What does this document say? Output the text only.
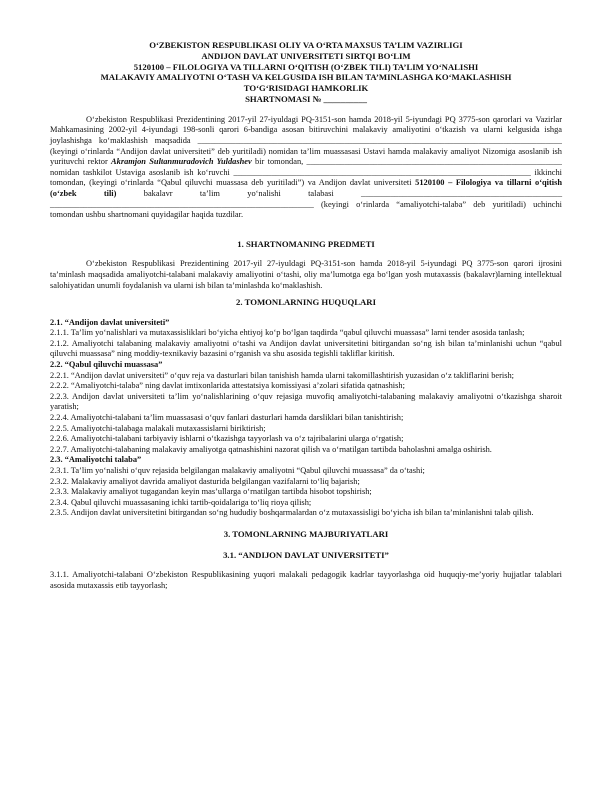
O‘ZBEKISTON RESPUBLIKASI OLIY VA O‘RTA MAXSUS TA’LIM VAZIRLIGI
ANDIJON DAVLAT UNIVERSITETI SIRTQI BO‘LIM
5120100 – FILOLOGIYA VA TILLARNI O‘QITISH (O‘ZBEK TILI) TA’LIM YO‘NALISHI
MALAKAVIY AMALIYOTNI O‘TASH VA KELGUSIDA ISH BILAN TA’MINLASHGA KO‘MAKLASHISH
TO‘G‘RISIDAGI HAMKORLIK
SHARTNOMASI № __________

O‘zbekiston Respublikasi Prezidentining 2017-yil 27-iyuldagi PQ-3151-son hamda 2018-yil 5-iyundagi PQ 3775-son qarorlari va Vazirlar Mahkamasining 2002-yil 4-iyundagi 198-sonli qarori 6-bandiga asosan bitiruvchini malakaviy amaliyotini o‘tkazish va ularni kelgusida ishga joylashishga ko‘maklashish maqsadida _______________________________________________________________________________________ (keyingi o‘rinlarda “Andijon davlat universiteti” deb yuritiladi) nomidan ta’lim muassasasi Ustavi hamda malakaviy amaliyot Nizomiga asoslanib ish yurituvchi rektor Akramjon Sultanmuradovich Yuldashev bir tomondan, _____________________________________________________________ nomidan tashkilot Ustaviga asoslanib ish ko‘ruvchi _______________________________________________________________________ ikkinchi tomondan, (keyingi o‘rinlarda “Qabul qiluvchi muassasa deb yuritiladi”) va Andijon davlat universiteti 5120100 – Filologiya va tillarni o‘qitish (o‘zbek tili)	bakalavr ta’lim yo‘nalishi talabasi ________________________________________________ _______________________________________________________________ (keyingi o‘rinlarda “amaliyotchi-talaba” deb yuritiladi) uchinchi tomondan ushbu shartnomani quyidagilar haqida tuzdilar.

1. SHARTNOMANING PREDMETI

O‘zbekiston Respublikasi Prezidentining 2017-yil 27-iyuldagi PQ-3151-son hamda 2018-yil 5-iyundagi PQ 3775-son qarori ijrosini ta’minlash maqsadida amaliyotchi-talabani malakaviy amaliyotini o‘tashi, oliy ma’lumotga ega bo‘lgan yosh mutaxassis (bakalavr)larning intellektual salohiyatidan unumli foydalanish va ularni ish bilan ta’minlashda ko‘maklashish.

2. TOMONLARNING HUQUQLARI
2.1. “Andijon davlat universiteti”

2.1.1. Ta’lim yo‘nalishlari va mutaxassisliklari bo‘yicha ehtiyoj ko‘p bo‘lgan taqdirda “qabul qiluvchi muassasa” larni tender asosida tanlash;

2.1.2. Amaliyotchi talabaning malakaviy amaliyotni o‘tashi va Andijon davlat universitetini bitirgandan so‘ng ish bilan ta’minlanishi uchun “qabul qiluvchi muassasa” ning moddiy-texnikaviy bazasini o‘rganish va shu asosida tegishli takliflar kiritish.

2.2. “Qabul qiluvchi muassasa”

2.2.1. “Andijon davlat universiteti” o‘quv reja va dasturlari bilan tanishish hamda ularni takomillashtirish yuzasidan o‘z takliflarini berish;

2.2.2. “Amaliyotchi-talaba” ning davlat imtixonlarida attestatsiya komissiyasi a’zolari sifatida qatnashish;

2.2.3. Andijon davlat universiteti ta’lim yo‘nalishlarining o‘quv rejasiga muvofiq amaliyotchi-talabaning malakaviy amaliyotni o‘tkazishga sharoit yaratish;

2.2.4. Amaliyotchi-talabani ta’lim muassasasi o‘quv fanlari dasturlari hamda darsliklari bilan tanishtirish;

2.2.5. Amaliyotchi-talabaga malakali mutaxassislarni biriktirish;

2.2.6. Amaliyotchi-talabani tarbiyaviy ishlarni o‘tkazishga tayyorlash va o‘z tajribalarini ularga o‘rgatish;

2.2.7. Amaliyotchi-talabaning malakaviy amaliyotga qatnashishini nazorat qilish va o‘rnatilgan tartibda baholashni amalga oshirish.

2.3. “Amaliyotchi talaba”

2.3.1. Ta’lim yo‘nalishi o‘quv rejasida belgilangan malakaviy amaliyotni “Qabul qiluvchi muassasa” da o‘tashi;

2.3.2. Malakaviy amaliyot davrida amaliyot dasturida belgilangan vazifalarni to‘liq bajarish;

2.3.3. Malakaviy amaliyot tugagandan keyin mas’ullarga o‘rnatilgan tartibda hisobot topshirish;

2.3.4. Qabul qiluvchi muassasaning ichki tartib-qoidalariga to‘liq rioya qilish;

2.3.5. Andijon davlat universitetini bitirgandan so‘ng hududiy boshqarmalardan o‘z mutaxassisligi bo‘yicha ish bilan ta’minlanishni talab qilish.

3. TOMONLARNING MAJBURIYATLARI
3.1. “ANDIJON DAVLAT UNIVERSITETI”

3.1.1. Amaliyotchi-talabani O‘zbekiston Respublikasining yuqori malakali pedagogik kadrlar tayyorlashga oid huquqiy-me’yoriy hujjatlar talablari asosida mutaxassis etib tayyorlash;
